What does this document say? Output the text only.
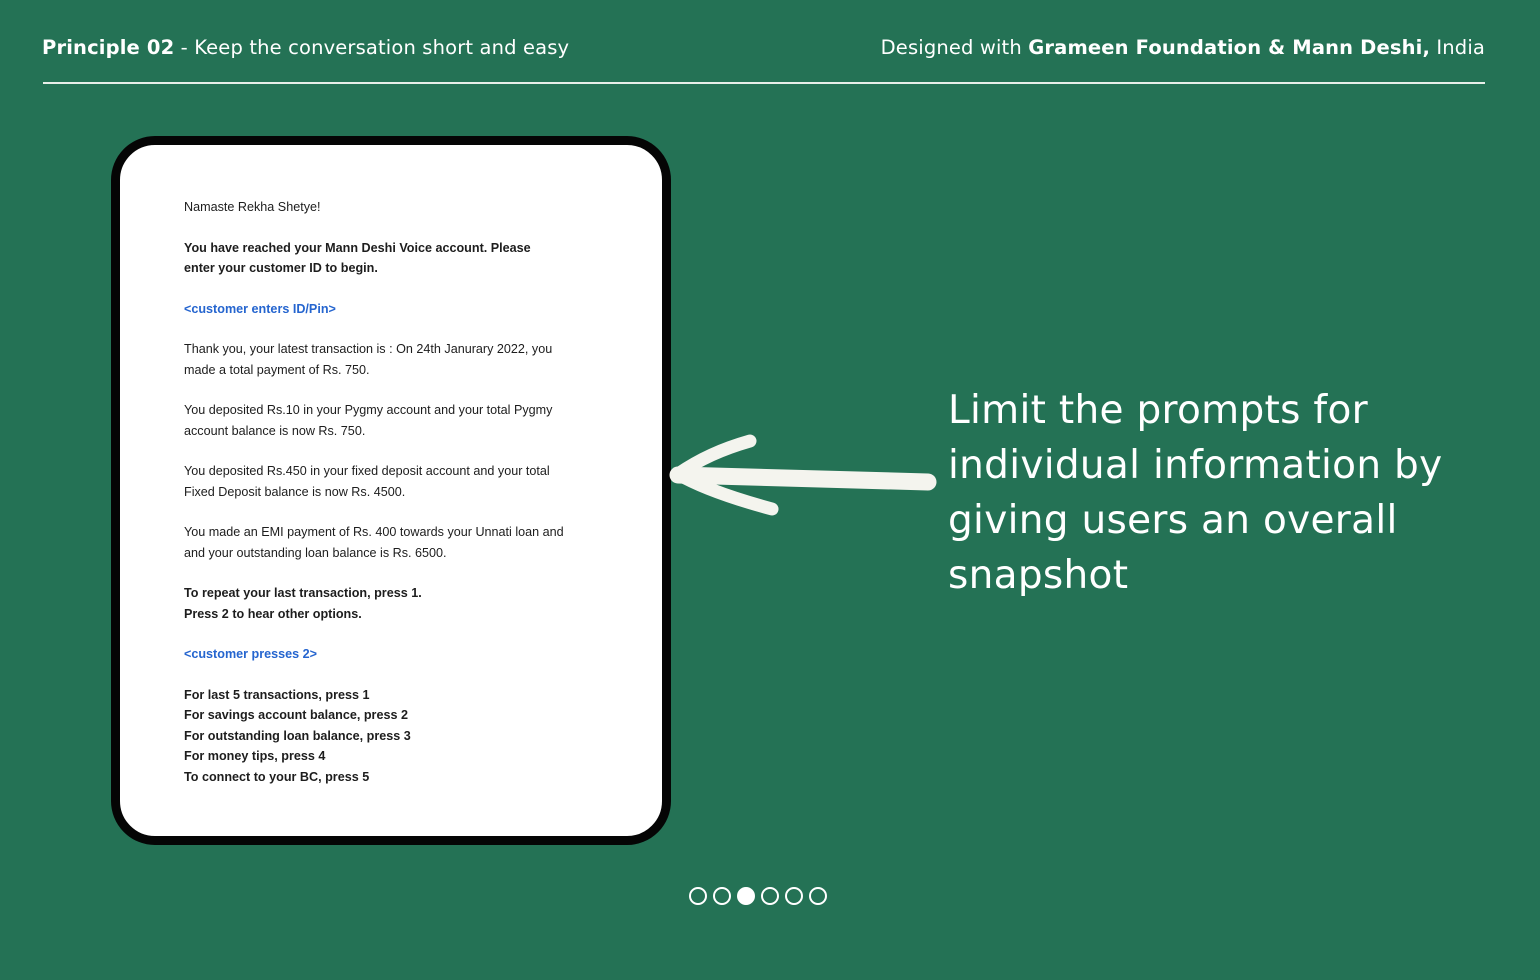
Principle 02 - Keep the conversation short and easy	Designed with Grameen Foundation & Mann Deshi, India

Namaste Rekha Shetye!

You have reached your Mann Deshi Voice account. Please enter your customer ID to begin.

<customer enters ID/Pin>

Thank you, your latest transaction is : On 24th Janurary 2022, you made a total payment of Rs. 750.

You deposited Rs.10 in your Pygmy account and your total Pygmy account balance is now Rs. 750.

You deposited Rs.450 in your fixed deposit account and your total Fixed Deposit balance is now Rs. 4500.

You made an EMI payment of Rs. 400 towards your Unnati loan and and your outstanding loan balance is Rs. 6500.

To repeat your last transaction, press 1.
Press 2 to hear other options.

<customer presses 2>

For last 5 transactions, press 1
For savings account balance, press 2
For outstanding loan balance, press 3
For money tips, press 4
To connect to your BC, press 5

Limit the prompts for individual information by giving users an overall snapshot
